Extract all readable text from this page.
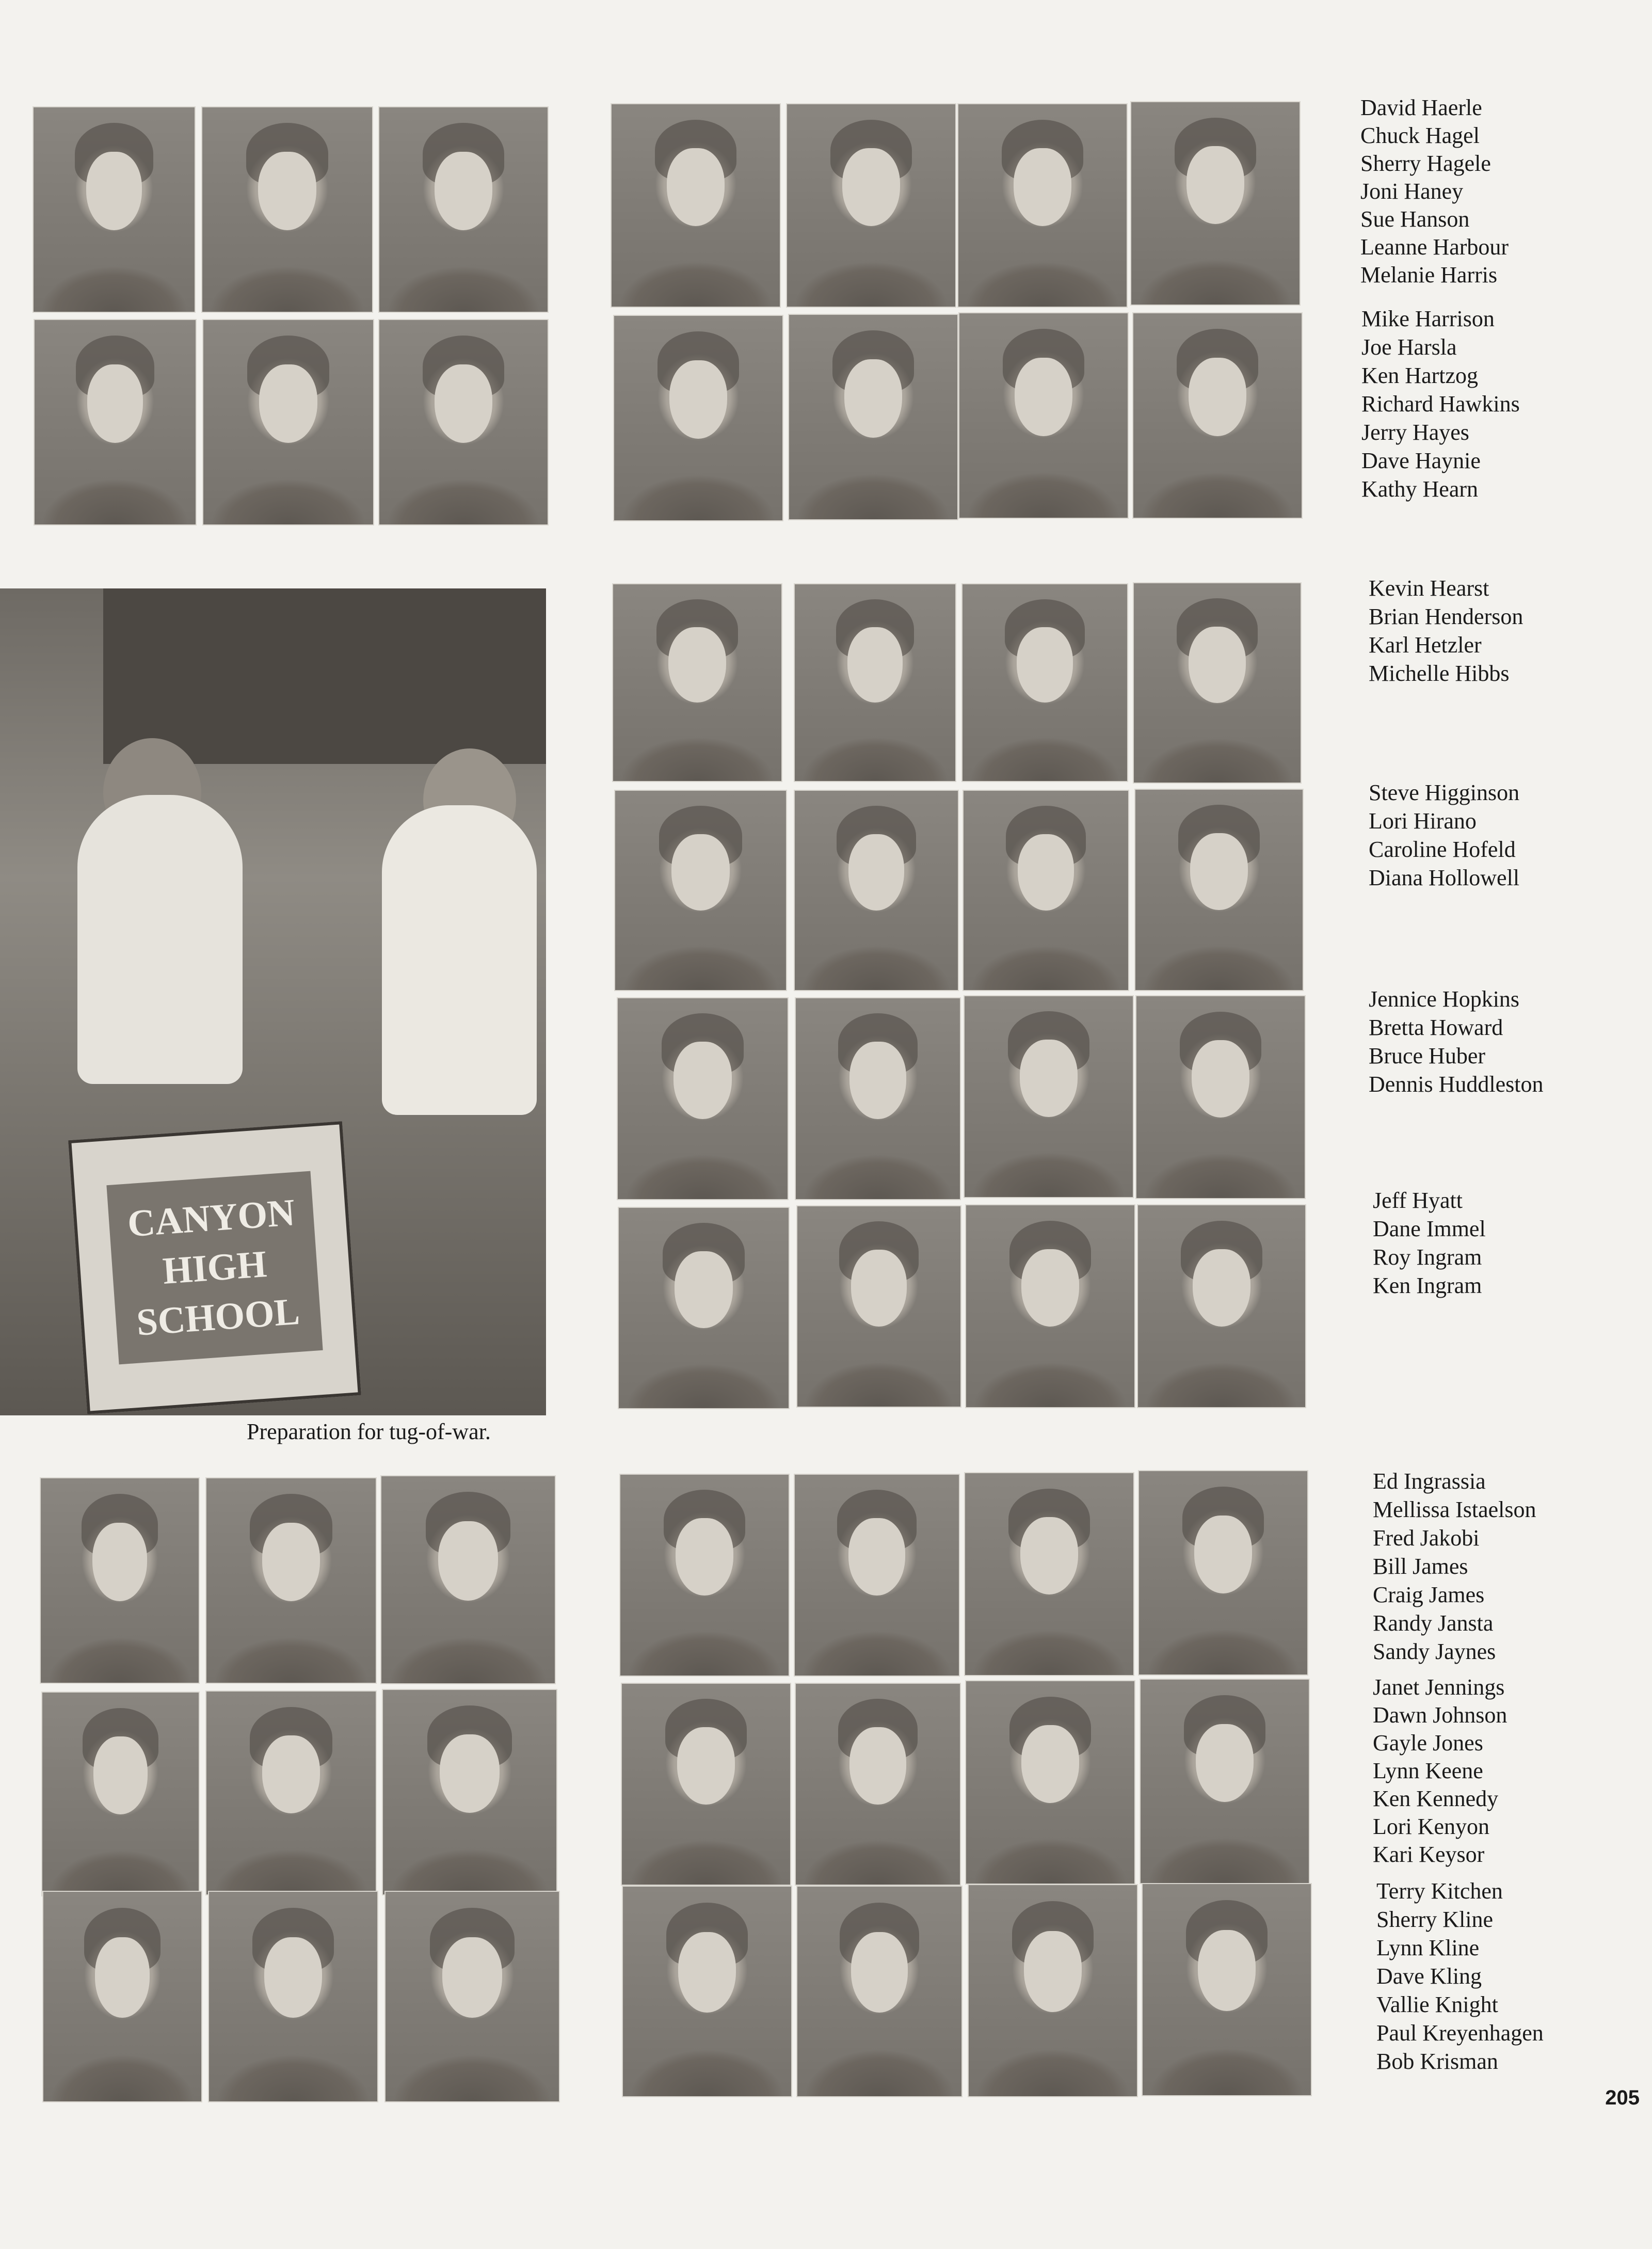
CANYON
HIGH
SCHOOL
Preparation for tug-of-war.
David Haerle
Chuck Hagel
Sherry Hagele
Joni Haney
Sue Hanson
Leanne Harbour
Melanie Harris
Mike Harrison
Joe Harsla
Ken Hartzog
Richard Hawkins
Jerry Hayes
Dave Haynie
Kathy Hearn
Kevin Hearst
Brian Henderson
Karl Hetzler
Michelle Hibbs
Steve Higginson
Lori Hirano
Caroline Hofeld
Diana Hollowell
Jennice Hopkins
Bretta Howard
Bruce Huber
Dennis Huddleston
Jeff Hyatt
Dane Immel
Roy Ingram
Ken Ingram
Ed Ingrassia
Mellissa Istaelson
Fred Jakobi
Bill James
Craig James
Randy Jansta
Sandy Jaynes
Janet Jennings
Dawn Johnson
Gayle Jones
Lynn Keene
Ken Kennedy
Lori Kenyon
Kari Keysor
Terry Kitchen
Sherry Kline
Lynn Kline
Dave Kling
Vallie Knight
Paul Kreyenhagen
Bob Krisman
205
